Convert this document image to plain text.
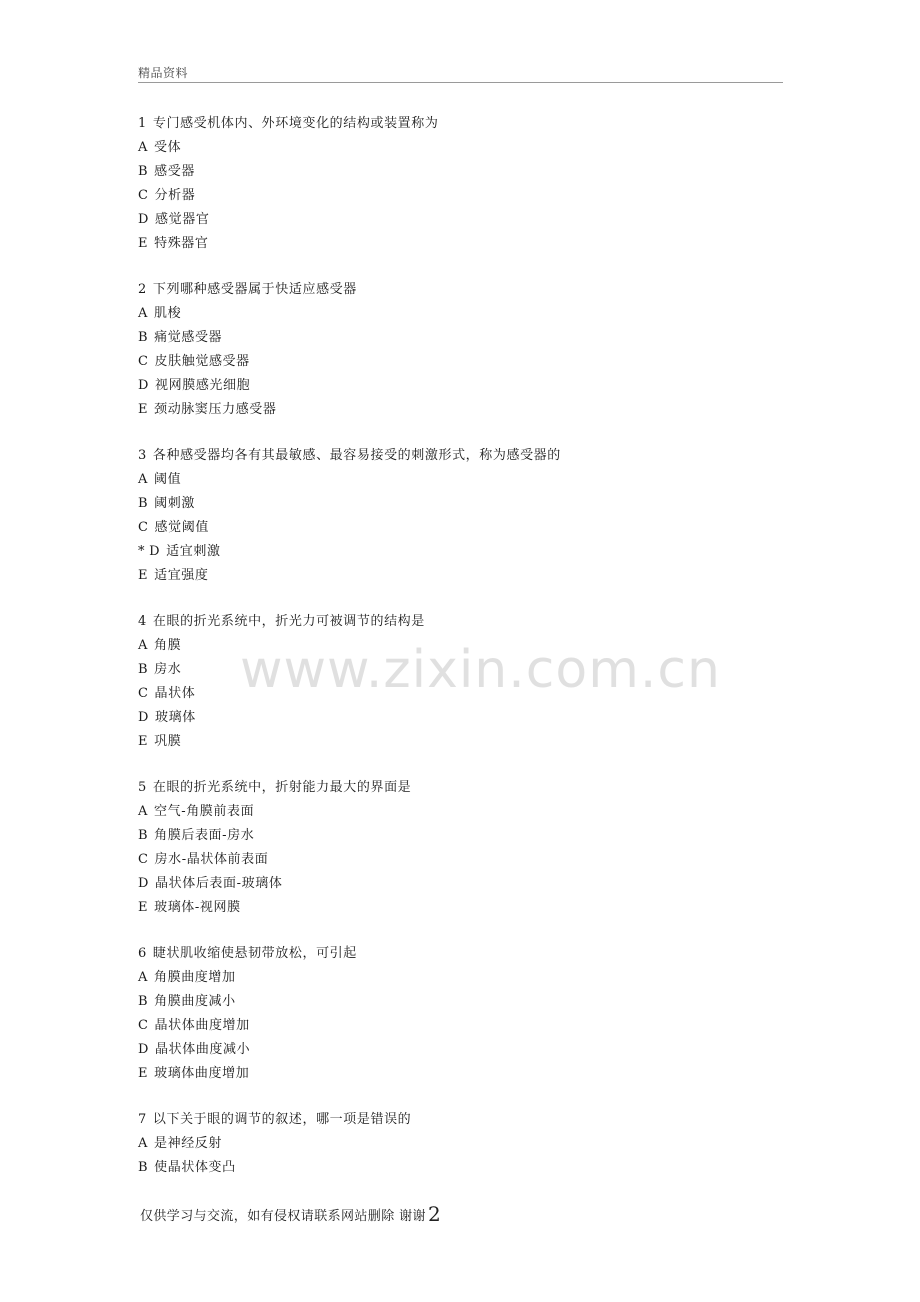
精品资料
www.zixin.com.cn
1 专门感受机体内、外环境变化的结构或装置称为
A 受体
B 感受器
C 分析器
D 感觉器官
E 特殊器官
2 下列哪种感受器属于快适应感受器
A 肌梭
B 痛觉感受器
C 皮肤触觉感受器
D 视网膜感光细胞
E 颈动脉窦压力感受器
3 各种感受器均各有其最敏感、最容易接受的刺激形式，称为感受器的
A 阈值
B 阈刺激
C 感觉阈值
* D 适宜刺激
E 适宜强度
4 在眼的折光系统中，折光力可被调节的结构是
A 角膜
B 房水
C 晶状体
D 玻璃体
E 巩膜
5 在眼的折光系统中，折射能力最大的界面是
A 空气-角膜前表面
B 角膜后表面-房水
C 房水-晶状体前表面
D 晶状体后表面-玻璃体
E 玻璃体-视网膜
6 睫状肌收缩使悬韧带放松，可引起
A 角膜曲度增加
B 角膜曲度减小
C 晶状体曲度增加
D 晶状体曲度减小
E 玻璃体曲度增加
7 以下关于眼的调节的叙述，哪一项是错误的
A 是神经反射
B 使晶状体变凸
仅供学习与交流，如有侵权请联系网站删除 谢谢 2
